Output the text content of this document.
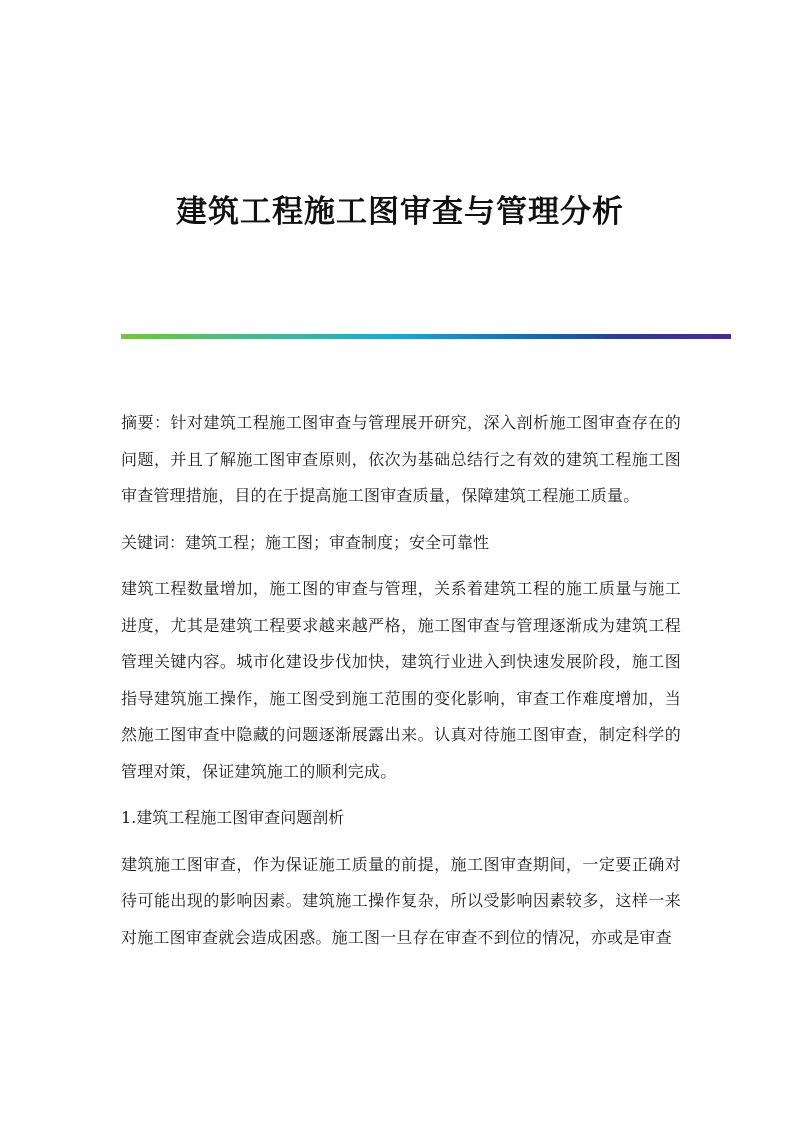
建筑工程施工图审查与管理分析

摘要：针对建筑工程施工图审查与管理展开研究，深入剖析施工图审查存在的问题，并且了解施工图审查原则，依次为基础总结行之有效的建筑工程施工图审查管理措施，目的在于提高施工图审查质量，保障建筑工程施工质量。

关键词：建筑工程；施工图；审查制度；安全可靠性

建筑工程数量增加，施工图的审查与管理，关系着建筑工程的施工质量与施工进度，尤其是建筑工程要求越来越严格，施工图审查与管理逐渐成为建筑工程管理关键内容。城市化建设步伐加快，建筑行业进入到快速发展阶段，施工图指导建筑施工操作，施工图受到施工范围的变化影响，审查工作难度增加，当然施工图审查中隐藏的问题逐渐展露出来。认真对待施工图审查，制定科学的管理对策，保证建筑施工的顺利完成。

1.建筑工程施工图审查问题剖析

建筑施工图审查，作为保证施工质量的前提，施工图审查期间，一定要正确对待可能出现的影响因素。建筑施工操作复杂，所以受影响因素较多，这样一来对施工图审查就会造成困惑。施工图一旦存在审查不到位的情况，亦或是审查
